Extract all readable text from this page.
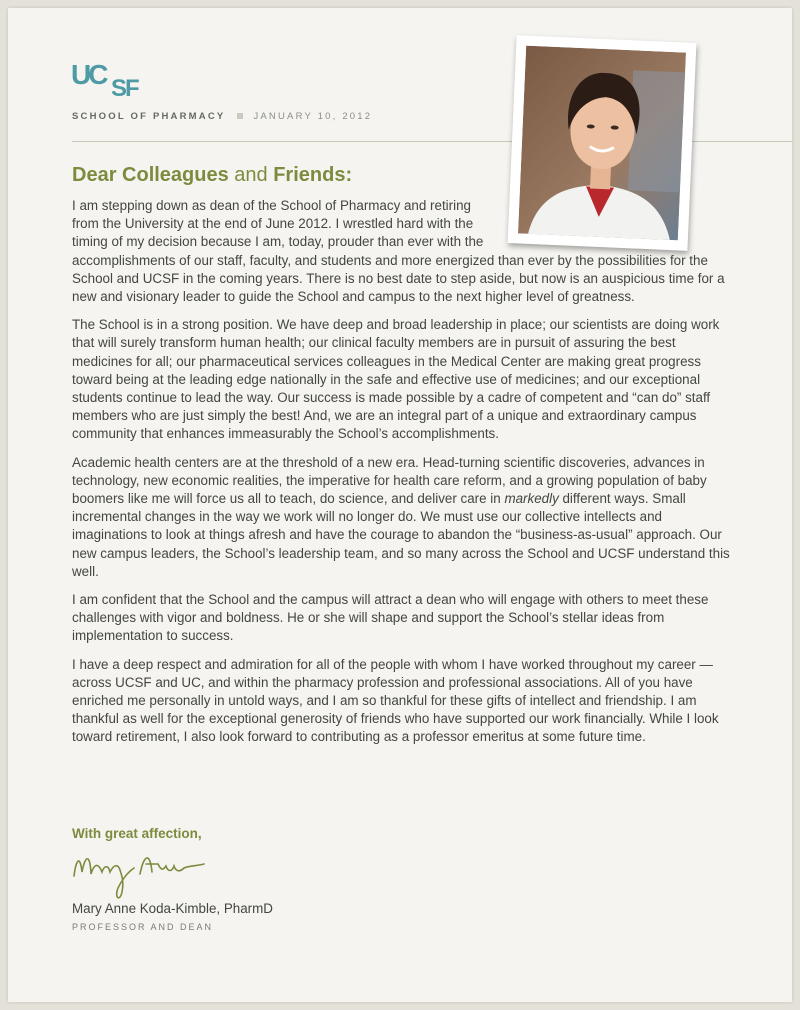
UC SF
SCHOOL OF PHARMACY	JANUARY 10, 2012
Dear Colleagues and Friends:

I am stepping down as dean of the School of Pharmacy and retiring from the University at the end of June 2012. I wrestled hard with the timing of my decision because I am, today, prouder than ever with the accomplishments of our staff, faculty, and students and more energized than ever by the possibilities for the School and UCSF in the coming years. There is no best date to step aside, but now is an auspicious time for a new and visionary leader to guide the School and campus to the next higher level of greatness.

The School is in a strong position. We have deep and broad leadership in place; our scientists are doing work that will surely transform human health; our clinical faculty members are in pursuit of assuring the best medicines for all; our pharmaceutical services colleagues in the Medical Center are making great progress toward being at the leading edge nationally in the safe and effective use of medicines; and our exceptional students continue to lead the way. Our success is made possible by a cadre of competent and “can do” staff members who are just simply the best! And, we are an integral part of a unique and extraordinary campus community that enhances immeasurably the School’s accomplishments.

Academic health centers are at the threshold of a new era. Head-turning scientific discoveries, advances in technology, new economic realities, the imperative for health care reform, and a growing population of baby boomers like me will force us all to teach, do science, and deliver care in markedly different ways. Small incremental changes in the way we work will no longer do. We must use our collective intellects and imaginations to look at things afresh and have the courage to abandon the “business-as-usual” approach. Our new campus leaders, the School’s leadership team, and so many across the School and UCSF understand this well.

I am confident that the School and the campus will attract a dean who will engage with others to meet these challenges with vigor and boldness. He or she will shape and support the School’s stellar ideas from implementation to success.

I have a deep respect and admiration for all of the people with whom I have worked throughout my career — across UCSF and UC, and within the pharmacy profession and professional associations. All of you have enriched me personally in untold ways, and I am so thankful for these gifts of intellect and friendship. I am thankful as well for the exceptional generosity of friends who have supported our work financially. While I look toward retirement, I also look forward to contributing as a professor emeritus at some future time.

With great affection,
Mary Anne Koda-Kimble, PharmD
PROFESSOR AND DEAN
